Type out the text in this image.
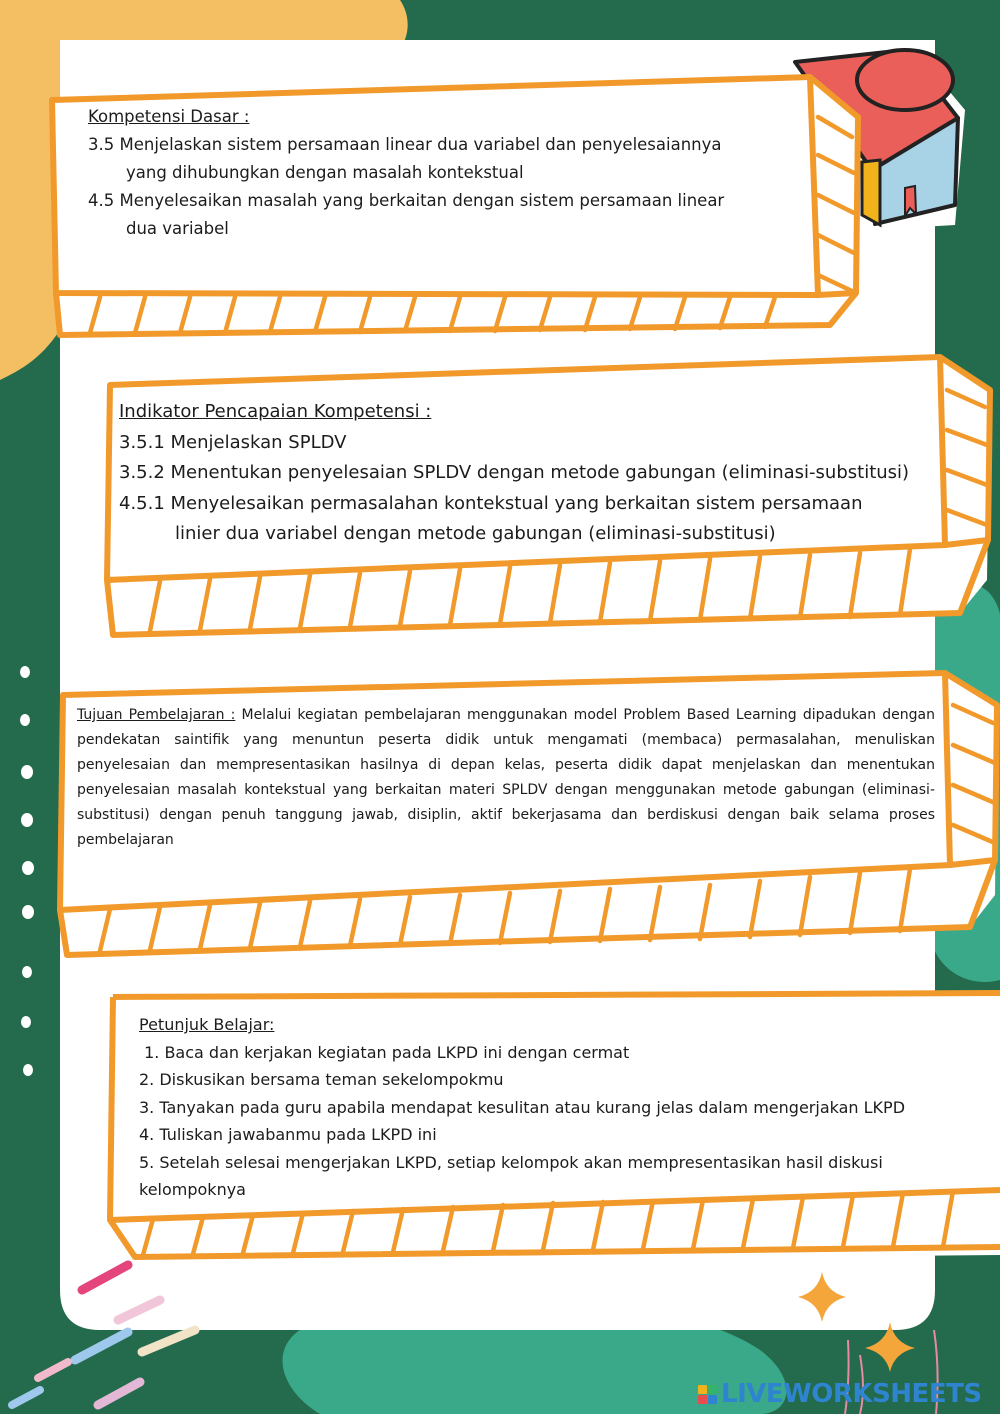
Kompetensi Dasar :
3.5 Menjelaskan sistem persamaan linear dua variabel dan penyelesaiannya
yang dihubungkan dengan masalah kontekstual
4.5 Menyelesaikan masalah yang berkaitan dengan sistem persamaan linear
dua variabel
Indikator Pencapaian Kompetensi :
3.5.1 Menjelaskan SPLDV
3.5.2 Menentukan penyelesaian SPLDV dengan metode gabungan (eliminasi-substitusi)
4.5.1 Menyelesaikan permasalahan kontekstual yang berkaitan sistem persamaan
linier dua variabel dengan metode gabungan (eliminasi-substitusi)
Tujuan Pembelajaran : Melalui kegiatan pembelajaran menggunakan model Problem Based Learning dipadukan dengan pendekatan saintifik yang menuntun peserta didik untuk mengamati (membaca) permasalahan, menuliskan penyelesaian dan mempresentasikan hasilnya di depan kelas, peserta didik dapat menjelaskan dan menentukan penyelesaian masalah kontekstual yang berkaitan materi SPLDV dengan menggunakan metode gabungan (eliminasi-substitusi) dengan penuh tanggung jawab, disiplin, aktif bekerjasama dan berdiskusi dengan baik selama proses pembelajaran
Petunjuk Belajar:
1. Baca dan kerjakan kegiatan pada LKPD ini dengan cermat
2. Diskusikan bersama teman sekelompokmu
3. Tanyakan pada guru apabila mendapat kesulitan atau kurang jelas dalam mengerjakan LKPD
4. Tuliskan jawabanmu pada LKPD ini
5. Setelah selesai mengerjakan LKPD, setiap kelompok akan mempresentasikan hasil diskusi
kelompoknya
LIVEWORKSHEETS
